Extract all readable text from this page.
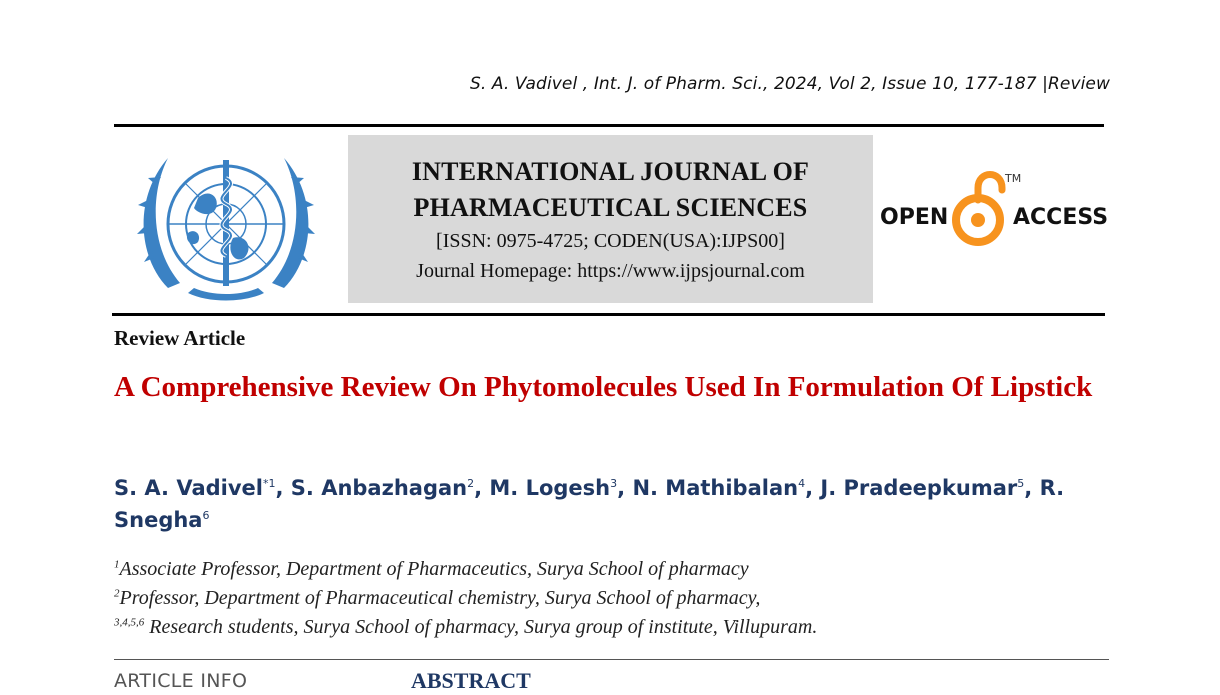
S. A. Vadivel , Int. J. of Pharm. Sci., 2024, Vol 2, Issue 10, 177-187 |Review
INTERNATIONAL JOURNAL OF
PHARMACEUTICAL SCIENCES
[ISSN: 0975-4725; CODEN(USA):IJPS00]
Journal Homepage: https://www.ijpsjournal.com
OPEN
TM
ACCESS
Review Article
A Comprehensive Review On Phytomolecules Used In Formulation Of Lipstick
S. A. Vadivel$^{*1}$, S. Anbazhagan$^2$, M. Logesh$^3$, N. Mathibalan$^4$, J. Pradeepkumar$^5$, R. Snegha$^6$
$^1$Associate Professor, Department of Pharmaceutics, Surya School of pharmacy
$^2$Professor, Department of Pharmaceutical chemistry, Surya School of pharmacy,
$^{3,4,5,6}$ Research students, Surya School of pharmacy, Surya group of institute, Villupuram.
ARTICLE INFO	ABSTRACT
